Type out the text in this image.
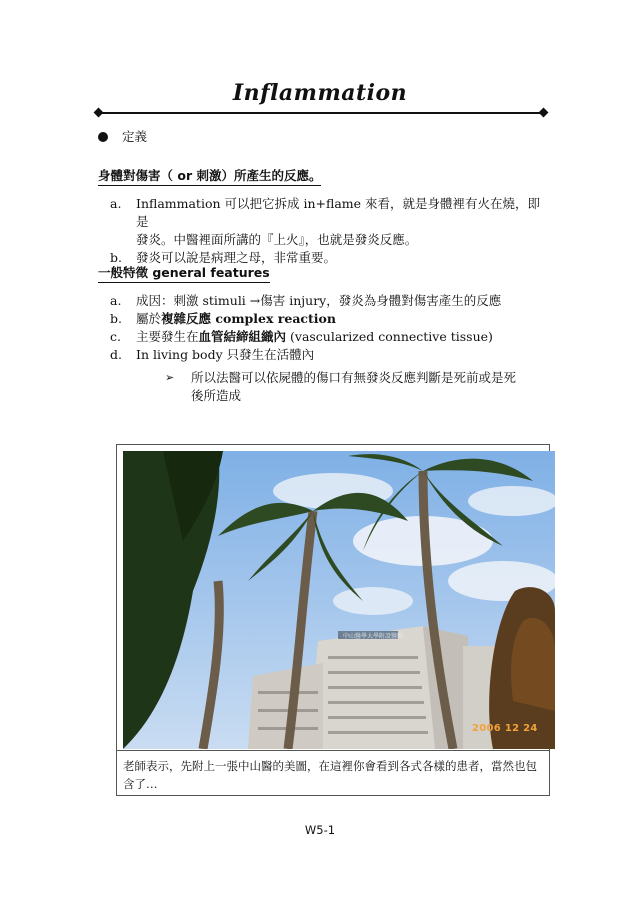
Inflammation
定義
身體對傷害（ or 刺激）所產生的反應。
a.	Inflammation 可以把它拆成 in+flame 來看，就是身體裡有火在燒，即是
發炎。中醫裡面所講的『上火』，也就是發炎反應。
b.	發炎可以說是病理之母，非常重要。
一般特徵 general features
a.	成因：刺激 stimuli →傷害 injury，發炎為身體對傷害產生的反應
b.	屬於複雜反應 complex reaction
c.	主要發生在血管結締組織內 (vascularized connective tissue)
d.	In living body 只發生在活體內
➢	所以法醫可以依屍體的傷口有無發炎反應判斷是死前或是死
後所造成
中山醫學大學附設醫院
2006 12 24
老師表示，先附上一張中山醫的美圖，在這裡你會看到各式各樣的患者，當然也包
含了…
W5-1
